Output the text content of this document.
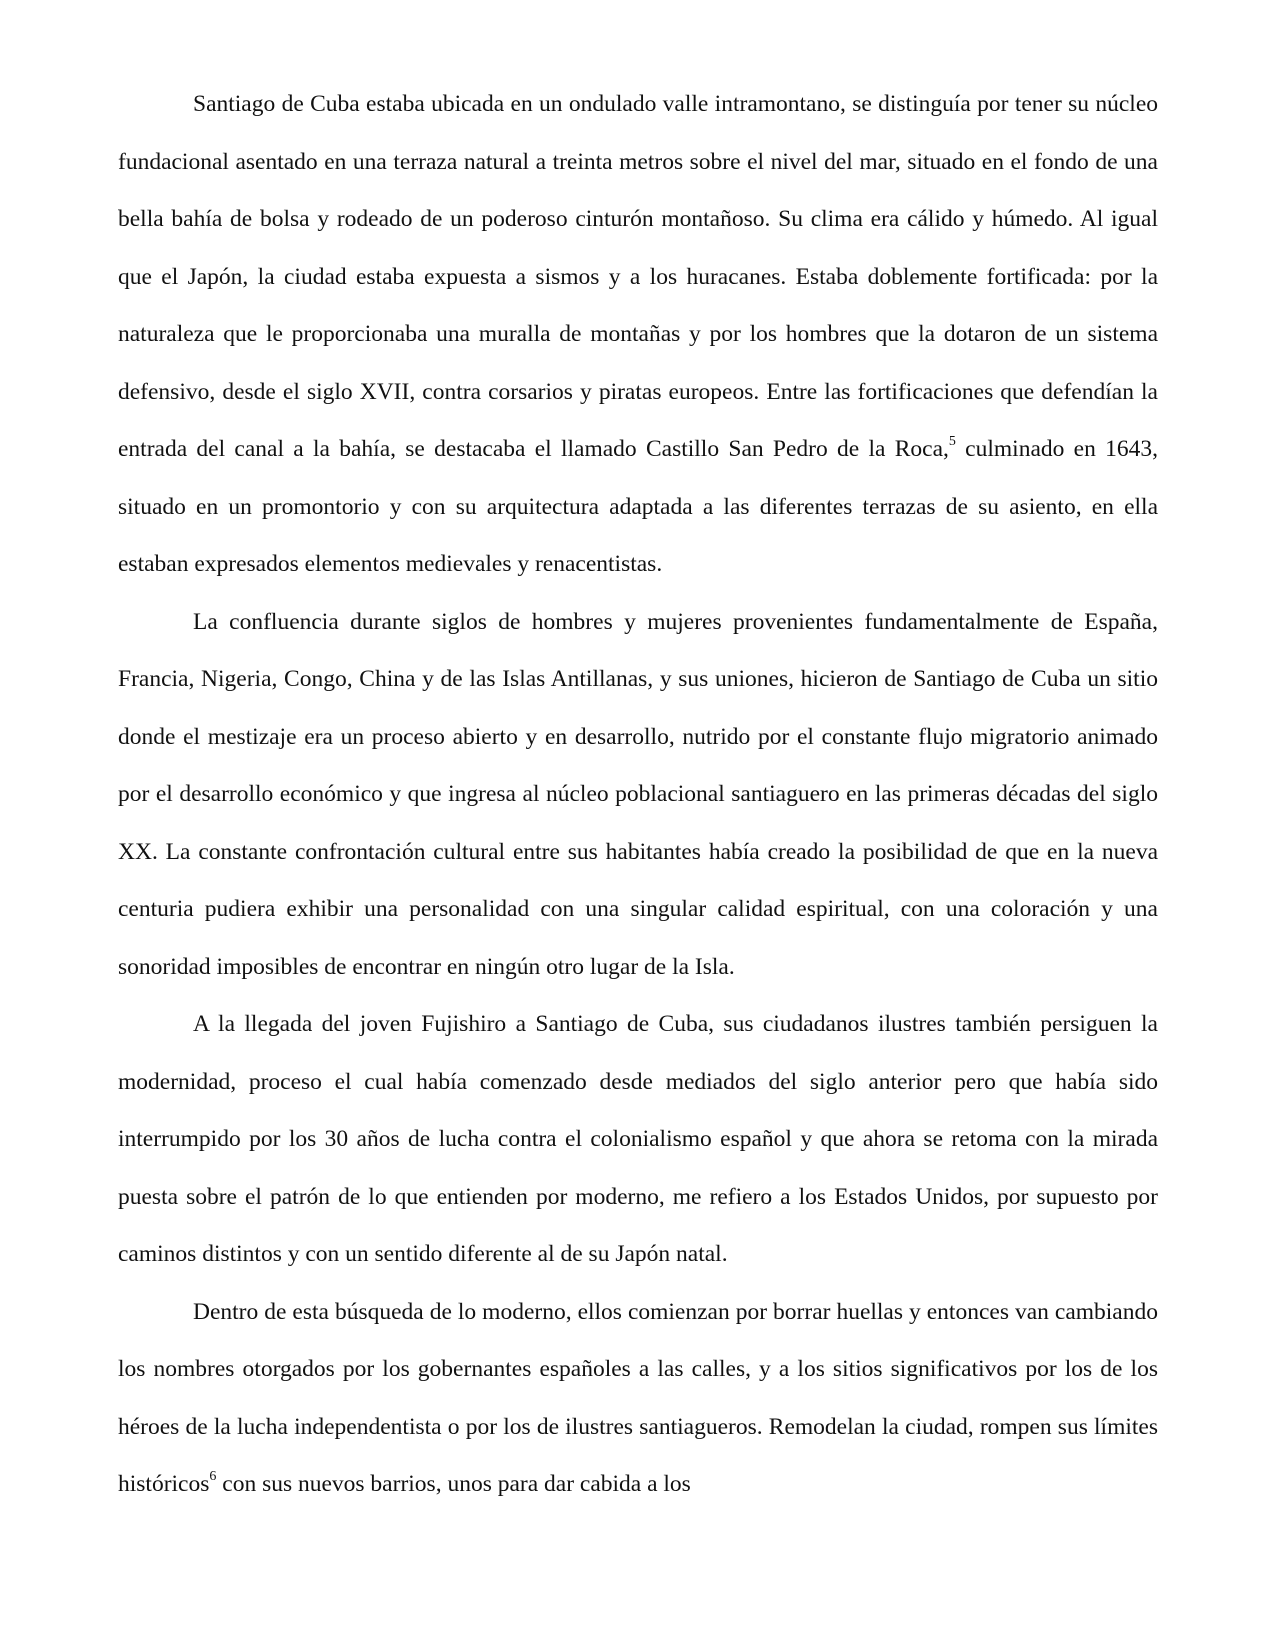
Santiago de Cuba estaba ubicada en un ondulado valle intramontano, se distinguía por tener su núcleo fundacional asentado en una terraza natural a treinta metros sobre el nivel del mar, situado en el fondo de una bella bahía de bolsa y rodeado de un poderoso cinturón montañoso. Su clima era cálido y húmedo. Al igual que el Japón, la ciudad estaba expuesta a sismos y a los huracanes. Estaba doblemente fortificada: por la naturaleza que le proporcionaba una muralla de montañas y por los hombres que la dotaron de un sistema defensivo, desde el siglo XVII, contra corsarios y piratas europeos. Entre las fortificaciones que defendían la entrada del canal a la bahía, se destacaba el llamado Castillo San Pedro de la Roca,$^5$ culminado en 1643, situado en un promontorio y con su arquitectura adaptada a las diferentes terrazas de su asiento, en ella estaban expresados elementos medievales y renacentistas.

La confluencia durante siglos de hombres y mujeres provenientes fundamentalmente de España, Francia, Nigeria, Congo, China y de las Islas Antillanas, y sus uniones, hicieron de Santiago de Cuba un sitio donde el mestizaje era un proceso abierto y en desarrollo, nutrido por el constante flujo migratorio animado por el desarrollo económico y que ingresa al núcleo poblacional santiaguero en las primeras décadas del siglo XX. La constante confrontación cultural entre sus habitantes había creado la posibilidad de que en la nueva centuria pudiera exhibir una personalidad con una singular calidad espiritual, con una coloración y una sonoridad imposibles de encontrar en ningún otro lugar de la Isla.

A la llegada del joven Fujishiro a Santiago de Cuba, sus ciudadanos ilustres también persiguen la modernidad, proceso el cual había comenzado desde mediados del siglo anterior pero que había sido interrumpido por los 30 años de lucha contra el colonialismo español y que ahora se retoma con la mirada puesta sobre el patrón de lo que entienden por moderno, me refiero a los Estados Unidos, por supuesto por caminos distintos y con un sentido diferente al de su Japón natal.

Dentro de esta búsqueda de lo moderno, ellos comienzan por borrar huellas y entonces van cambiando los nombres otorgados por los gobernantes españoles a las calles, y a los sitios significativos por los de los héroes de la lucha independentista o por los de ilustres santiagueros. Remodelan la ciudad, rompen sus límites históricos$^6$ con sus nuevos barrios, unos para dar cabida a los
